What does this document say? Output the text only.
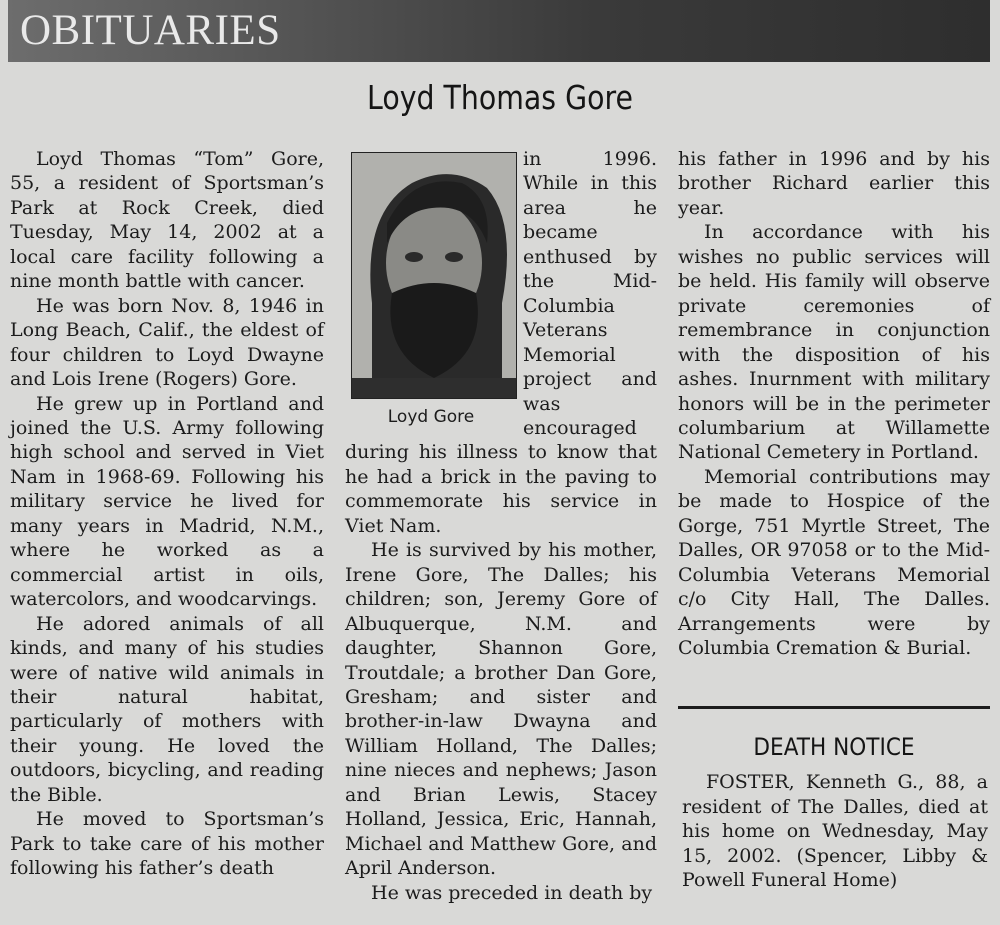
OBITUARIES
Loyd Thomas Gore

Loyd Thomas “Tom” Gore, 55, a resident of Sportsman’s Park at Rock Creek, died Tuesday, May 14, 2002 at a local care facility following a nine month battle with cancer.

He was born Nov. 8, 1946 in Long Beach, Calif., the eldest of four children to Loyd Dwayne and Lois Irene (Rogers) Gore.

He grew up in Portland and joined the U.S. Army following high school and served in Viet Nam in 1968-69. Following his military service he lived for many years in Madrid, N.M., where he worked as a commercial artist in oils, watercolors, and woodcarvings.

He adored animals of all kinds, and many of his studies were of native wild animals in their natural habitat, particularly of mothers with their young. He loved the outdoors, bicycling, and reading the Bible.

He moved to Sportsman’s Park to take care of his mother following his father’s death

Loyd Gore

in 1996. While in this area he became enthused by the Mid-Columbia Veterans Memorial project and was encouraged during his illness to know that he had a brick in the paving to commemorate his service in Viet Nam.

He is survived by his mother, Irene Gore, The Dalles; his children; son, Jeremy Gore of Albuquerque, N.M. and daughter, Shannon Gore, Troutdale; a brother Dan Gore, Gresham; and sister and brother-in-law Dwayna and William Holland, The Dalles; nine nieces and nephews; Jason and Brian Lewis, Stacey Holland, Jessica, Eric, Hannah, Michael and Matthew Gore, and April Anderson.

He was preceded in death by

his father in 1996 and by his brother Richard earlier this year.

In accordance with his wishes no public services will be held. His family will observe private ceremonies of remembrance in conjunction with the disposition of his ashes. Inurnment with military honors will be in the perimeter columbarium at Willamette National Cemetery in Portland.

Memorial contributions may be made to Hospice of the Gorge, 751 Myrtle Street, The Dalles, OR 97058 or to the Mid-Columbia Veterans Memorial c/o City Hall, The Dalles. Arrangements were by Columbia Cremation & Burial.

DEATH NOTICE

FOSTER, Kenneth G., 88, a resident of The Dalles, died at his home on Wednesday, May 15, 2002. (Spencer, Libby & Powell Funeral Home)
